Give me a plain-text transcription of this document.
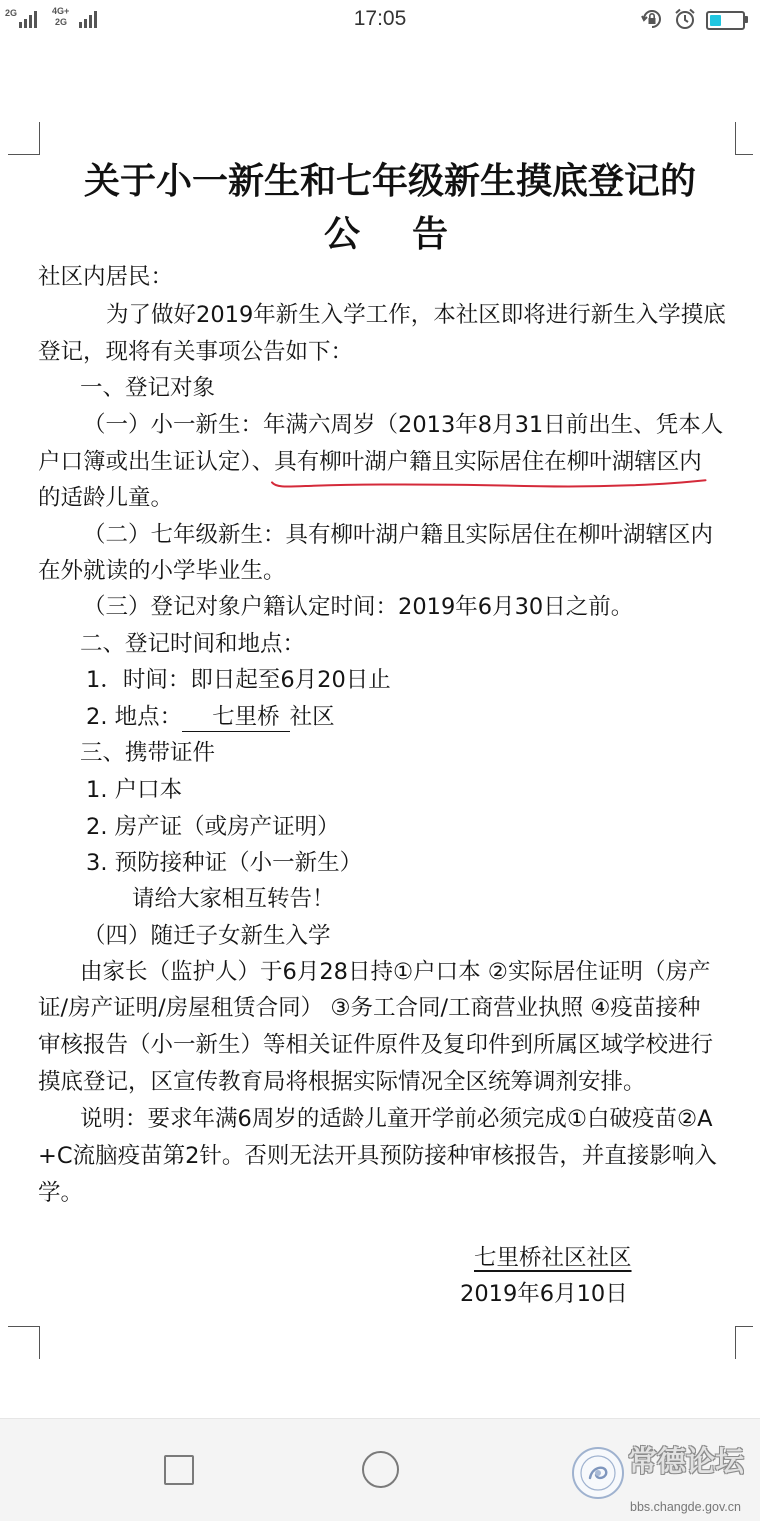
2G	4G+
2G	17:05
关于小一新生和七年级新生摸底登记的
公　告
社区内居民：
为了做好2019年新生入学工作，本社区即将进行新生入学摸底
登记，现将有关事项公告如下：
一、登记对象
（一）小一新生：年满六周岁（2013年8月31日前出生、凭本人
户口簿或出生证认定）、具有柳叶湖户籍且实际居住在柳叶湖辖区内
的适龄儿童。
（二）七年级新生：具有柳叶湖户籍且实际居住在柳叶湖辖区内
在外就读的小学毕业生。
（三）登记对象户籍认定时间：2019年6月30日之前。
二、登记时间和地点：
1．时间：即日起至6月20日止
2. 地点： 七里桥 社区
三、携带证件
1. 户口本
2. 房产证（或房产证明）
3. 预防接种证（小一新生）
请给大家相互转告！
（四）随迁子女新生入学
由家长（监护人）于6月28日持①户口本 ②实际居住证明（房产
证/房产证明/房屋租赁合同） ③务工合同/工商营业执照 ④疫苗接种
审核报告（小一新生）等相关证件原件及复印件到所属区域学校进行
摸底登记，区宣传教育局将根据实际情况全区统筹调剂安排。
说明：要求年满6周岁的适龄儿童开学前必须完成①白破疫苗②A
+C流脑疫苗第2针。否则无法开具预防接种审核报告，并直接影响入
学。
七里桥社区社区
2019年6月10日
常德论坛
bbs.changde.gov.cn
